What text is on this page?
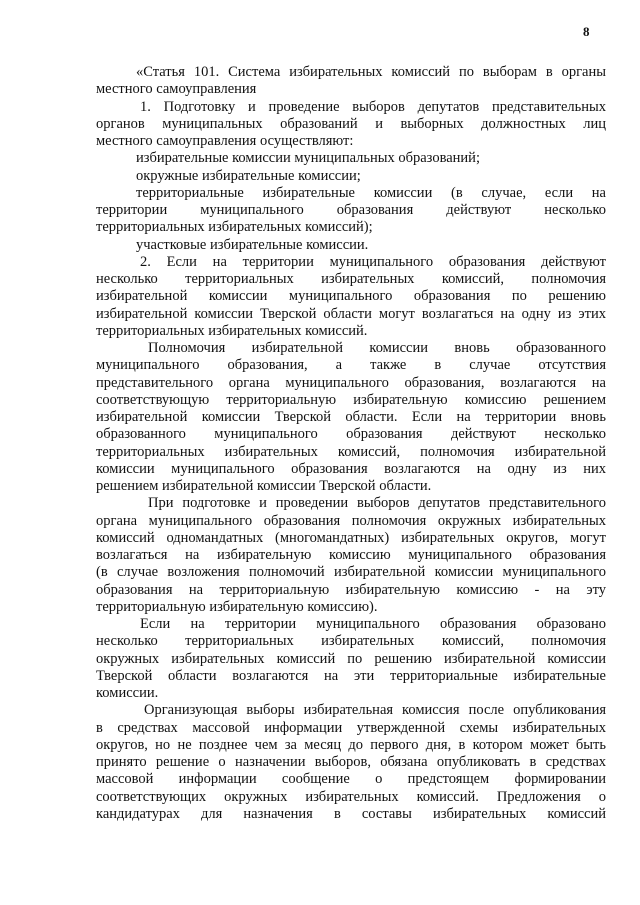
8

«Статья 101. Система избирательных комиссий по выборам в органы

местного самоуправления

1. Подготовку и проведение выборов депутатов представительных

органов муниципальных образований и выборных должностных лиц

местного самоуправления осуществляют:

избирательные комиссии муниципальных образований;

окружные избирательные комиссии;

территориальные избирательные комиссии (в случае, если на

территории муниципального образования действуют несколько

территориальных избирательных комиссий);

участковые избирательные комиссии.

2. Если на территории муниципального образования действуют

несколько территориальных избирательных комиссий, полномочия

избирательной комиссии муниципального образования по решению

избирательной комиссии Тверской области могут возлагаться на одну из этих

территориальных избирательных комиссий.

Полномочия избирательной комиссии вновь образованного

муниципального образования, а также в случае отсутствия

представительного органа муниципального образования, возлагаются на

соответствующую территориальную избирательную комиссию решением

избирательной комиссии Тверской области. Если на территории вновь

образованного муниципального образования действуют несколько

территориальных избирательных комиссий, полномочия избирательной

комиссии муниципального образования возлагаются на одну из них

решением избирательной комиссии Тверской области.

При подготовке и проведении выборов депутатов представительного

органа муниципального образования полномочия окружных избирательных

комиссий одномандатных (многомандатных) избирательных округов, могут

возлагаться на избирательную комиссию муниципального образования

(в случае возложения полномочий избирательной комиссии муниципального

образования на территориальную избирательную комиссию - на эту

территориальную избирательную комиссию).

Если на территории муниципального образования образовано

несколько территориальных избирательных комиссий, полномочия

окружных избирательных комиссий по решению избирательной комиссии

Тверской области возлагаются на эти территориальные избирательные

комиссии.

Организующая выборы избирательная комиссия после опубликования

в средствах массовой информации утвержденной схемы избирательных

округов, но не позднее чем за месяц до первого дня, в котором может быть

принято решение о назначении выборов, обязана опубликовать в средствах

массовой информации сообщение о предстоящем формировании

соответствующих окружных избирательных комиссий. Предложения о

кандидатурах для назначения в составы избирательных комиссий
